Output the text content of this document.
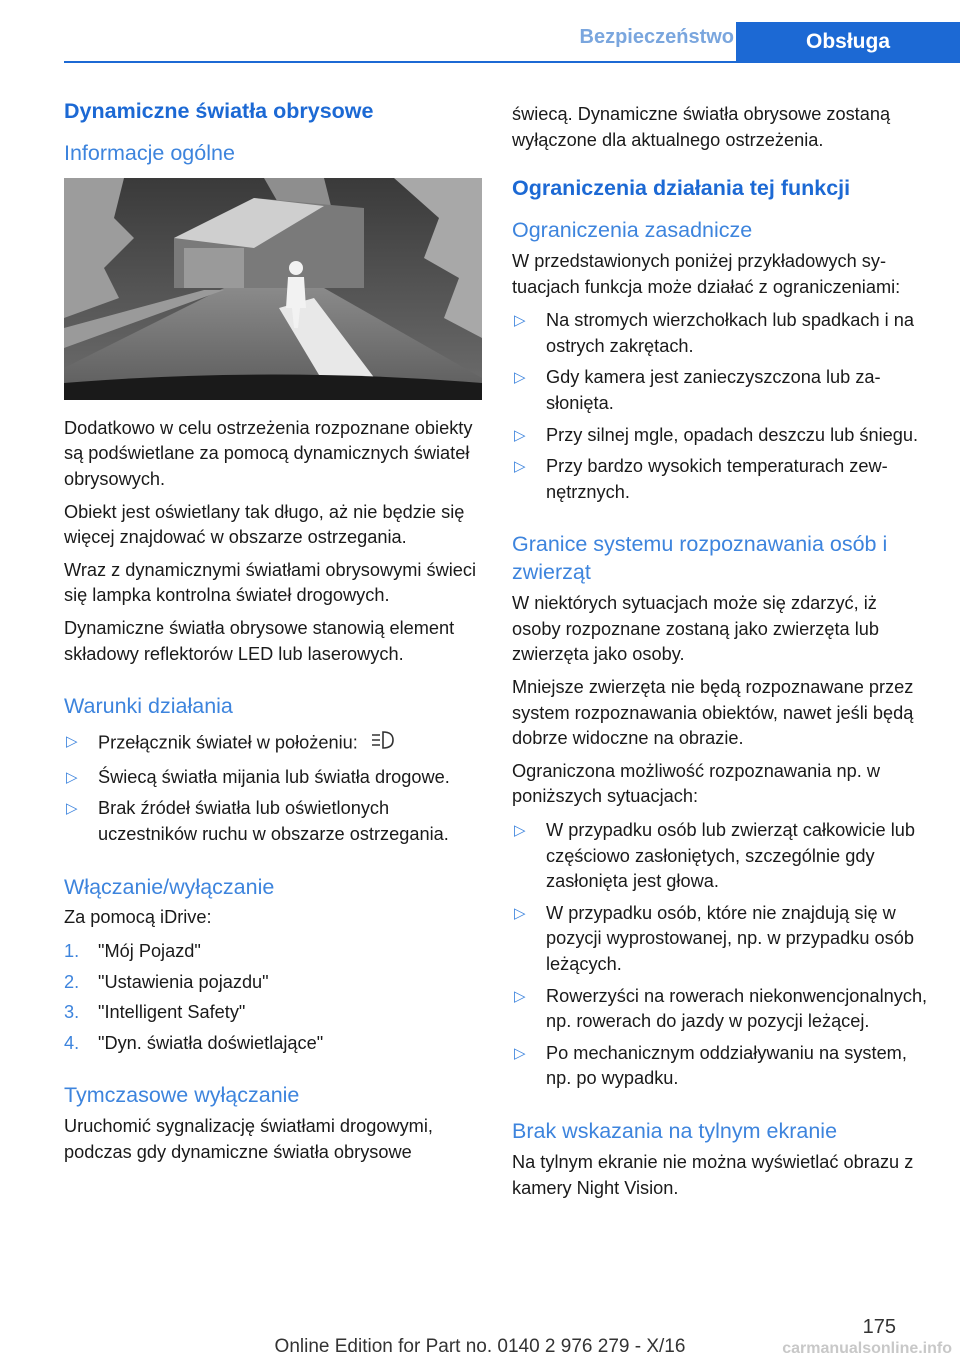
Bezpieczeństwo	Obsługa
Dynamiczne światła obrysowe
Informacje ogólne

Dodatkowo w celu ostrzeżenia rozpoznane obiekty są podświetlane za pomocą dynamicznych świateł obrysowych.

Obiekt jest oświetlany tak długo, aż nie będzie się więcej znajdować w obszarze ostrzegania.

Wraz z dynamicznymi światłami obrysowymi świeci się lampka kontrolna świateł drogowych.

Dynamiczne światła obrysowe stanowią element składowy reflektorów LED lub laserowych.

Warunki działania
▷ Przełącznik świateł w położeniu:
▷ Świecą światła mijania lub światła drogowe.
▷ Brak źródeł światła lub oświetlonych uczestników ruchu w obszarze ostrzegania.
Włączanie/wyłączanie

Za pomocą iDrive:

1. "Mój Pojazd"
2. "Ustawienia pojazdu"
3. "Intelligent Safety"
4. "Dyn. światła doświetlające"
Tymczasowe wyłączanie

Uruchomić sygnalizację światłami drogowymi, podczas gdy dynamiczne światła obrysowe

świecą. Dynamiczne światła obrysowe zostaną wyłączone dla aktualnego ostrzeżenia.

Ograniczenia działania tej funkcji
Ograniczenia zasadnicze

W przedstawionych poniżej przykładowych sytuacjach funkcja może działać z ograniczeniami:

▷ Na stromych wierzchołkach lub spadkach i na ostrych zakrętach.
▷ Gdy kamera jest zanieczyszczona lub zasłonięta.
▷ Przy silnej mgle, opadach deszczu lub śniegu.
▷ Przy bardzo wysokich temperaturach zewnętrznych.
Granice systemu rozpoznawania osób i zwierząt

W niektórych sytuacjach może się zdarzyć, iż osoby rozpoznane zostaną jako zwierzęta lub zwierzęta jako osoby.

Mniejsze zwierzęta nie będą rozpoznawane przez system rozpoznawania obiektów, nawet jeśli będą dobrze widoczne na obrazie.

Ograniczona możliwość rozpoznawania np. w poniższych sytuacjach:

▷ W przypadku osób lub zwierząt całkowicie lub częściowo zasłoniętych, szczególnie gdy zasłonięta jest głowa.
▷ W przypadku osób, które nie znajdują się w pozycji wyprostowanej, np. w przypadku osób leżących.
▷ Rowerzyści na rowerach niekonwencjonalnych, np. rowerach do jazdy w pozycji leżącej.
▷ Po mechanicznym oddziaływaniu na system, np. po wypadku.
Brak wskazania na tylnym ekranie

Na tylnym ekranie nie można wyświetlać obrazu z kamery Night Vision.

175
Online Edition for Part no. 0140 2 976 279 - X/16	carmanualsonline.info
